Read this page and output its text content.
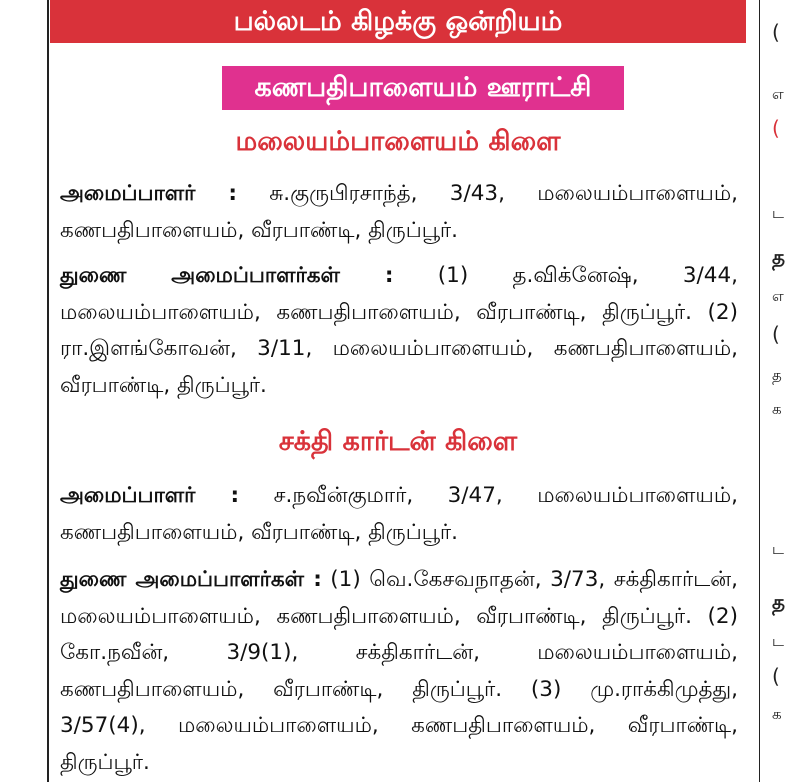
பல்லடம் கிழக்கு ஒன்றியம்
கணபதிபாளையம் ஊராட்சி
மலையம்பாளையம் கிளை

அமைப்பாளர் : சு.குருபிரசாந்த், 3/43, மலையம்பாளையம், கணபதிபாளையம், வீரபாண்டி, திருப்பூர்.

துணை அமைப்பாளர்கள் : (1) த.விக்னேஷ், 3/44, மலையம்பாளையம், கணபதிபாளையம், வீரபாண்டி, திருப்பூர். (2) ரா.இளங்கோவன், 3/11, மலையம்பாளையம், கணபதிபாளையம், வீரபாண்டி, திருப்பூர்.

சக்தி கார்டன் கிளை

அமைப்பாளர் : ச.நவீன்குமார், 3/47, மலையம்பாளையம், கணபதிபாளையம், வீரபாண்டி, திருப்பூர்.

துணை அமைப்பாளர்கள் : (1) வெ.கேசவநாதன், 3/73, சக்திகார்டன், மலையம்பாளையம், கணபதிபாளையம், வீரபாண்டி, திருப்பூர். (2) கோ.நவீன், 3/9(1), சக்திகார்டன், மலையம்பாளையம், கணபதிபாளையம், வீரபாண்டி, திருப்பூர். (3) மு.ராக்கிமுத்து, 3/57(4), மலையம்பாளையம், கணபதிபாளையம், வீரபாண்டி, திருப்பூர்.

(
எ
(
ட
த
எ
(
த
க
ட
த
ட
(
க
